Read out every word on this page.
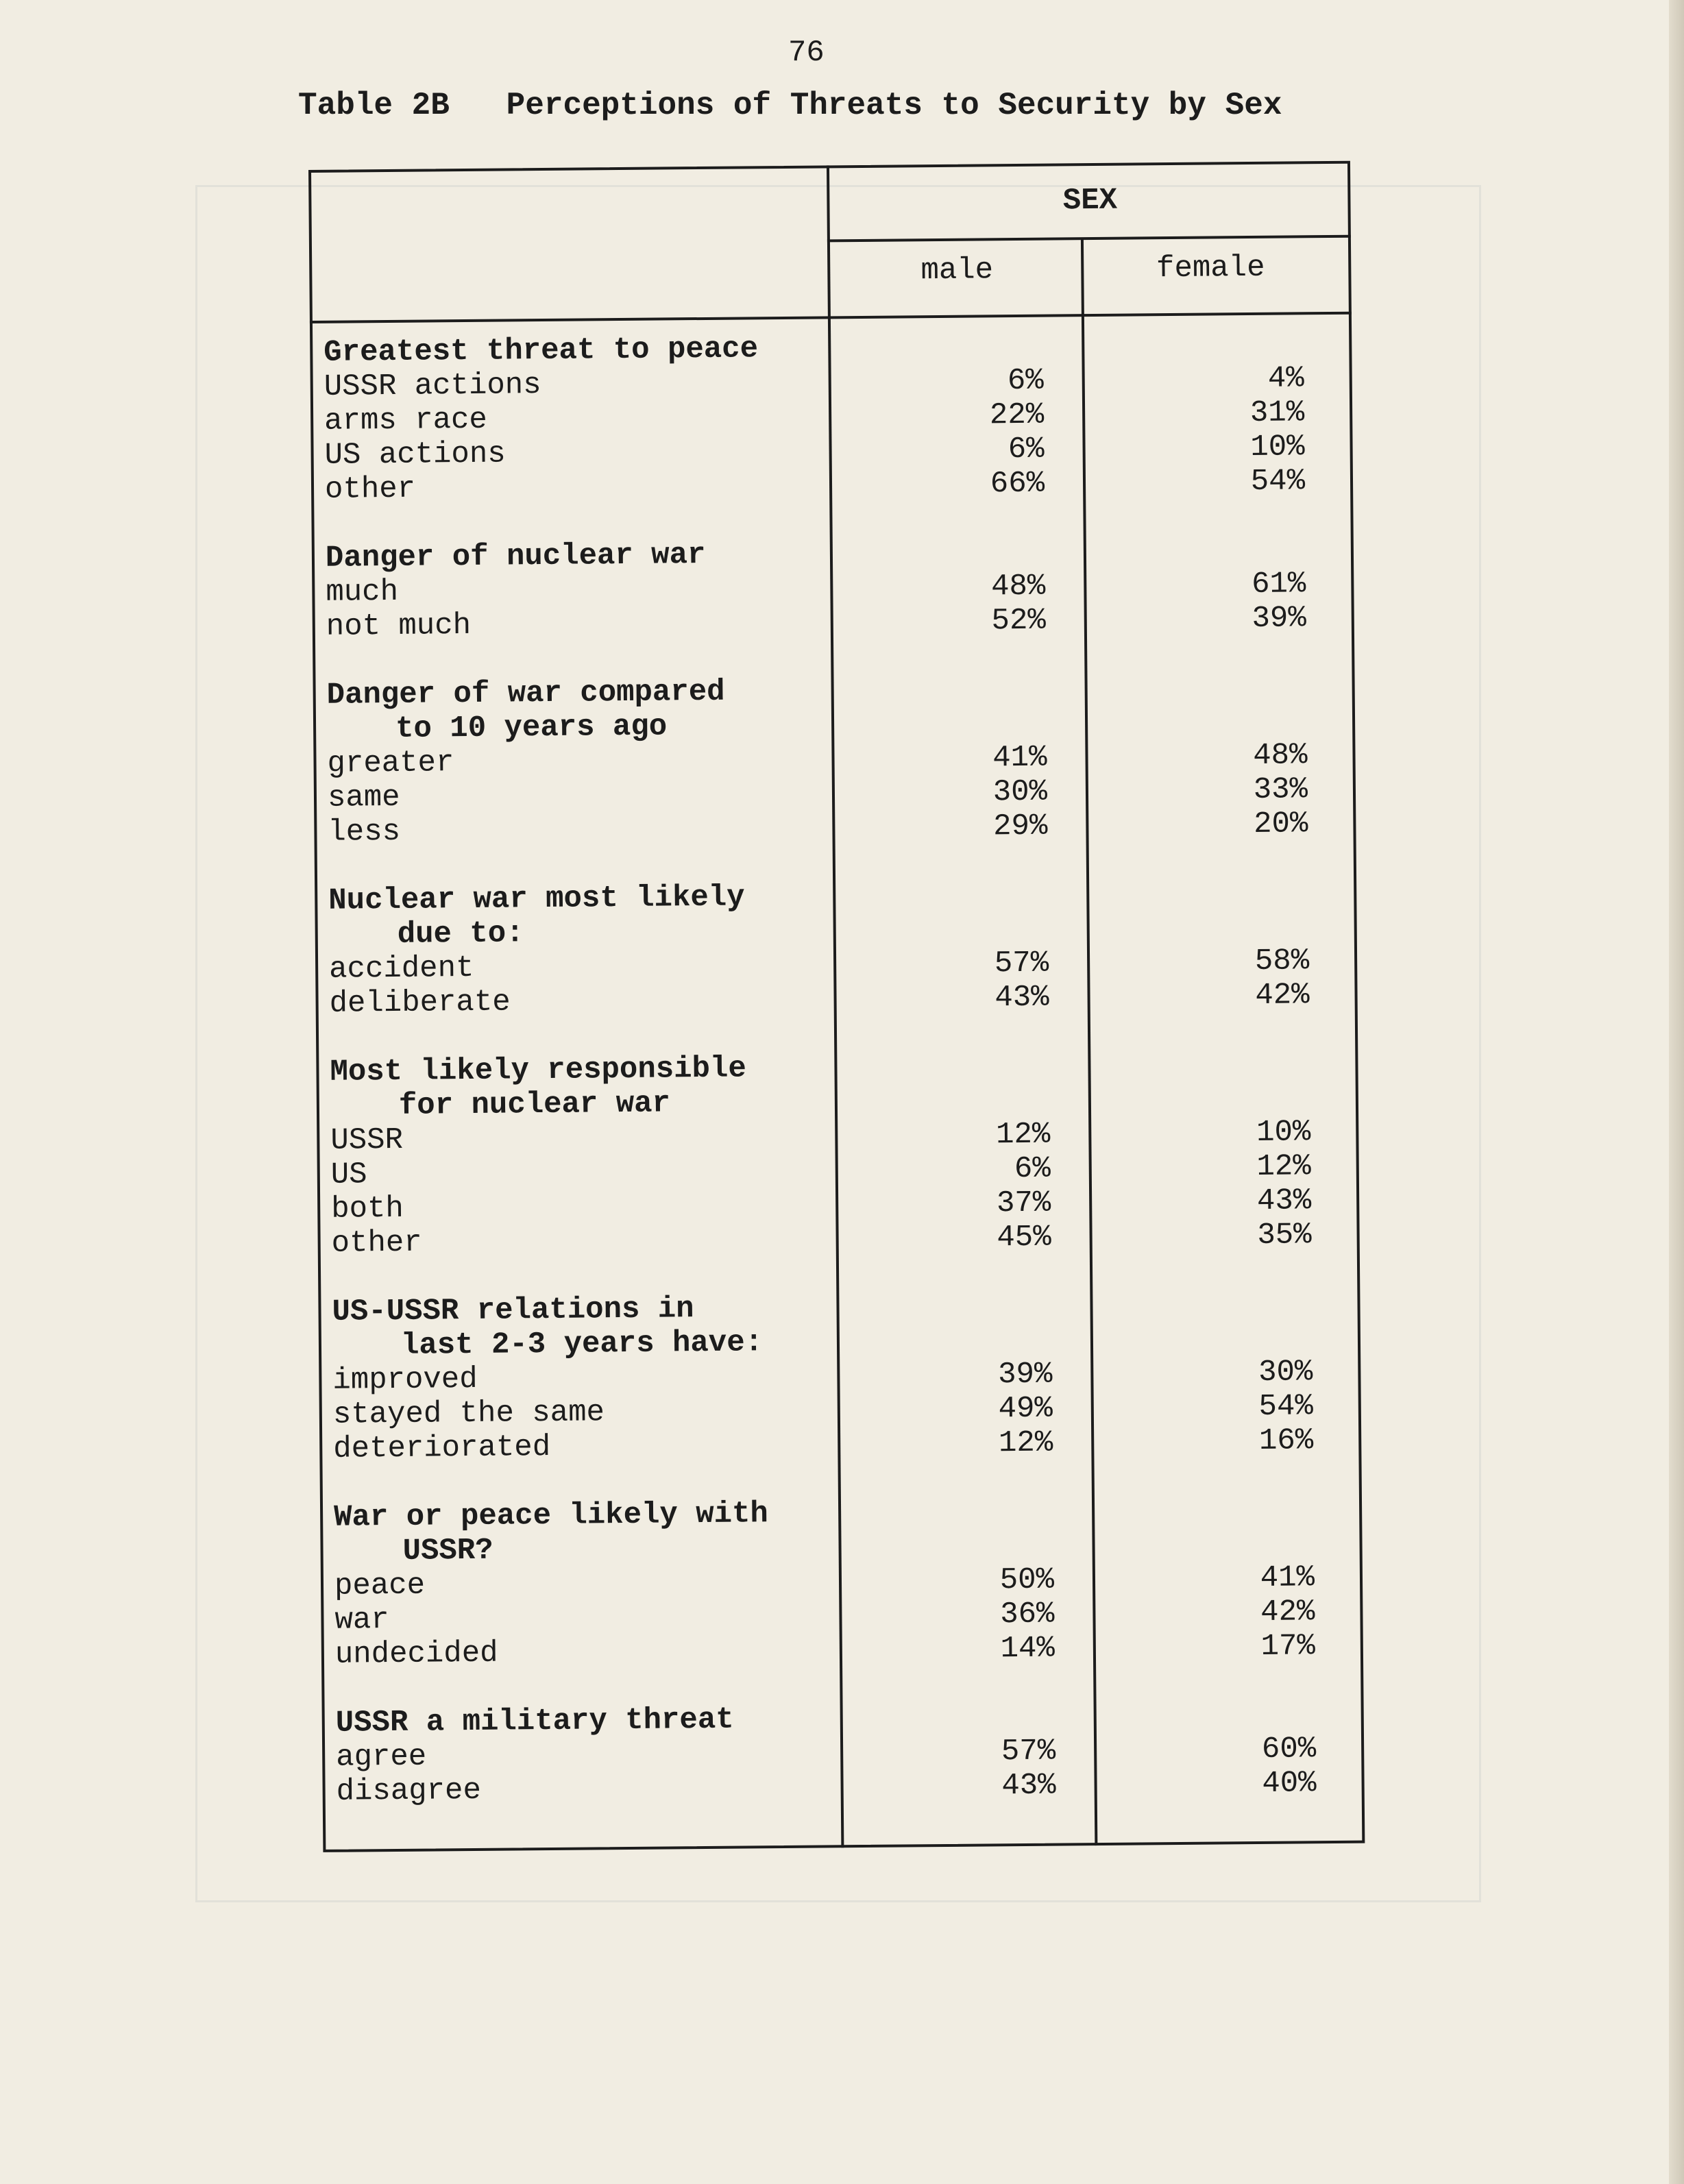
76
Table 2B   Perceptions of Threats to Security by Sex
SEX
male	female
Greatest threat to peace
USSR actions	6%	4%
arms race	22%	31%
US actions	6%	10%
other	66%	54%
Danger of nuclear war
much	48%	61%
not much	52%	39%
Danger of war compared

to 10 years ago
greater	41%	48%
same	30%	33%
less	29%	20%
Nuclear war most likely

due to:
accident	57%	58%
deliberate	43%	42%
Most likely responsible

for nuclear war
USSR	12%	10%
US	6%	12%
both	37%	43%
other	45%	35%
US-USSR relations in

last 2-3 years have:
improved	39%	30%
stayed the same	49%	54%
deteriorated	12%	16%
War or peace likely with

USSR?
peace	50%	41%
war	36%	42%
undecided	14%	17%
USSR a military threat
agree	57%	60%
disagree	43%	40%
